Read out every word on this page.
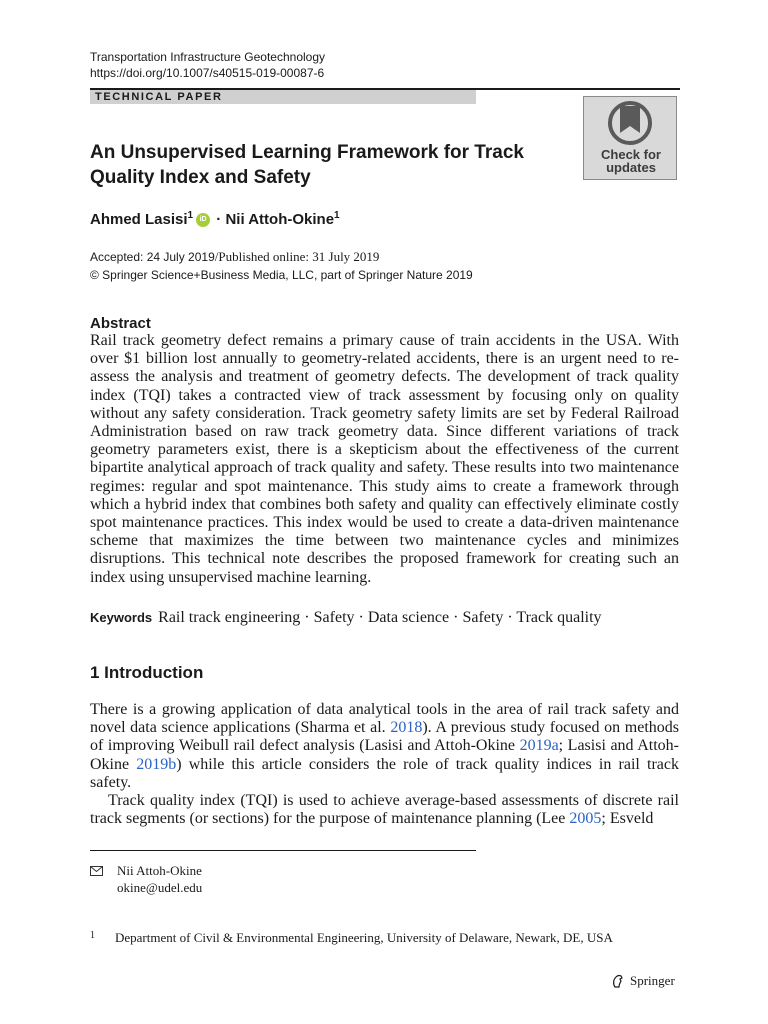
Transportation Infrastructure Geotechnology
https://doi.org/10.1007/s40515-019-00087-6
TECHNICAL PAPER
Check for
updates
An Unsupervised Learning Framework for Track Quality Index and Safety
Ahmed Lasisi$^1$ iD · Nii Attoh-Okine$^1$
Accepted: 24 July 2019/Published online: 31 July 2019
© Springer Science+Business Media, LLC, part of Springer Nature 2019
Abstract
Rail track geometry defect remains a primary cause of train accidents in the USA. With over $1 billion lost annually to geometry-related accidents, there is an urgent need to re-assess the analysis and treatment of geometry defects. The development of track quality index (TQI) takes a contracted view of track assessment by focusing only on quality without any safety consideration. Track geometry safety limits are set by Federal Railroad Administration based on raw track geometry data. Since different variations of track geometry parameters exist, there is a skepticism about the effectiveness of the current bipartite analytical approach of track quality and safety. These results into two maintenance regimes: regular and spot maintenance. This study aims to create a framework through which a hybrid index that combines both safety and quality can effectively eliminate costly spot maintenance practices. This index would be used to create a data-driven maintenance scheme that maximizes the time between two maintenance cycles and minimizes disruptions. This technical note describes the proposed framework for creating such an index using unsupervised machine learning.
Keywords Rail track engineering · Safety · Data science · Safety · Track quality
1 Introduction

There is a growing application of data analytical tools in the area of rail track safety and novel data science applications (Sharma et al. 2018). A previous study focused on methods of improving Weibull rail defect analysis (Lasisi and Attoh-Okine 2019a; Lasisi and Attoh-Okine 2019b) while this article considers the role of track quality indices in rail track safety.

Track quality index (TQI) is used to achieve average-based assessments of discrete rail track segments (or sections) for the purpose of maintenance planning (Lee 2005; Esveld

Nii Attoh-Okine
okine@udel.edu
1 Department of Civil & Environmental Engineering, University of Delaware, Newark, DE, USA
Springer
